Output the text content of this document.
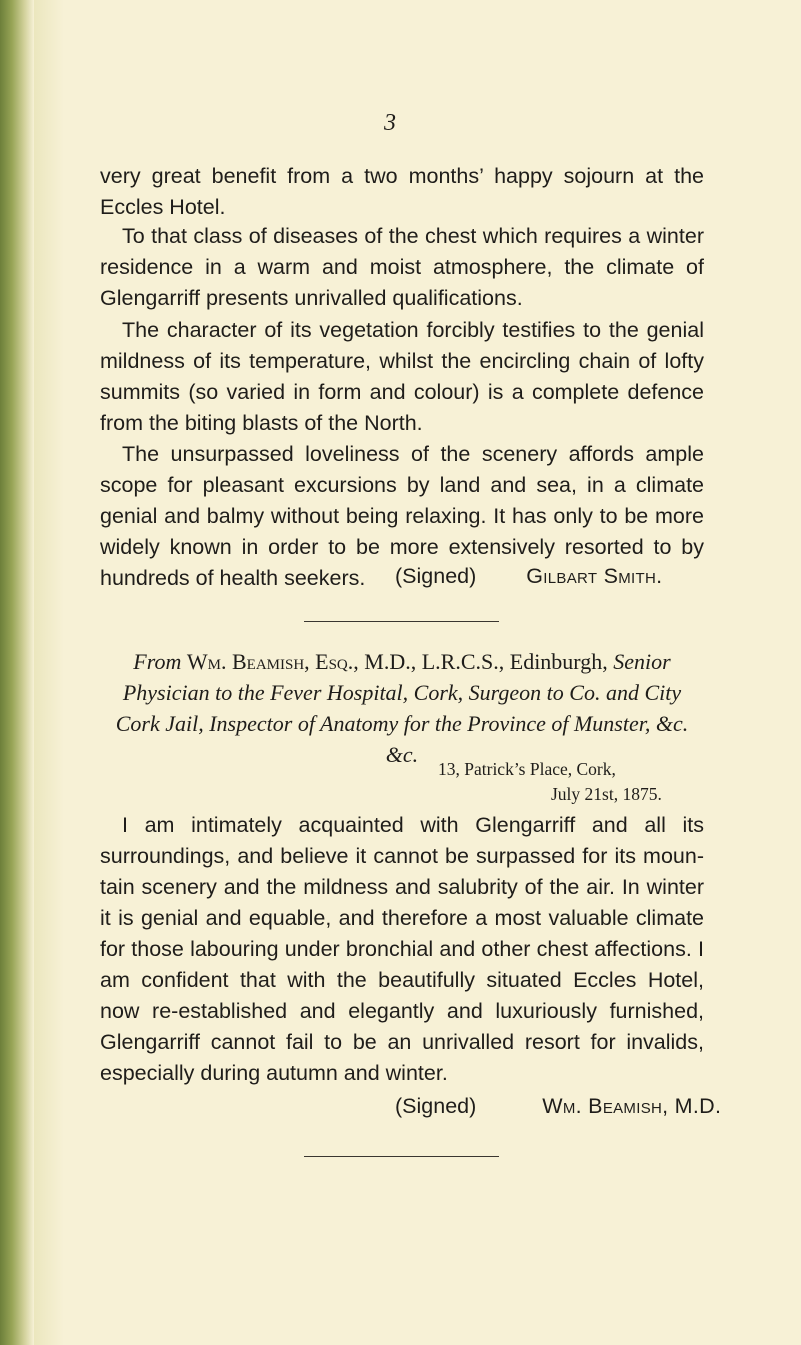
3

very great benefit from a two months’ happy sojourn at the Eccles Hotel.

To that class of diseases of the chest which requires a winter residence in a warm and moist atmosphere, the climate of Glengarriff presents unrivalled qualifications.

The character of its vegetation forcibly testifies to the genial mildness of its temperature, whilst the encircling chain of lofty summits (so varied in form and colour) is a complete defence from the biting blasts of the North.

The unsurpassed loveliness of the scenery affords ample scope for pleasant excursions by land and sea, in a climate genial and balmy without being relaxing. It has only to be more widely known in order to be more extensively resorted to by hundreds of health seekers.	(Signed) Gilbart Smith.

From Wm. Beamish, Esq., M.D., L.R.C.S., Edinburgh, Senior Physician to the Fever Hospital, Cork, Surgeon to Co. and City Cork Jail, Inspector of Anatomy for the Province of Munster, &c. &c.

13, Patrick’s Place, Cork,
July 21st, 1875.

I am intimately acquainted with Glengarriff and all its surroundings, and believe it cannot be surpassed for its mountain scenery and the mildness and salubrity of the air. In winter it is genial and equable, and therefore a most valuable climate for those labouring under bronchial and other chest affections. I am confident that with the beautifully situated Eccles Hotel, now re-established and elegantly and luxuriously furnished, Glengarriff cannot fail to be an unrivalled resort for invalids, especially during autumn and winter.

(Signed)	Wm. Beamish, M.D.
